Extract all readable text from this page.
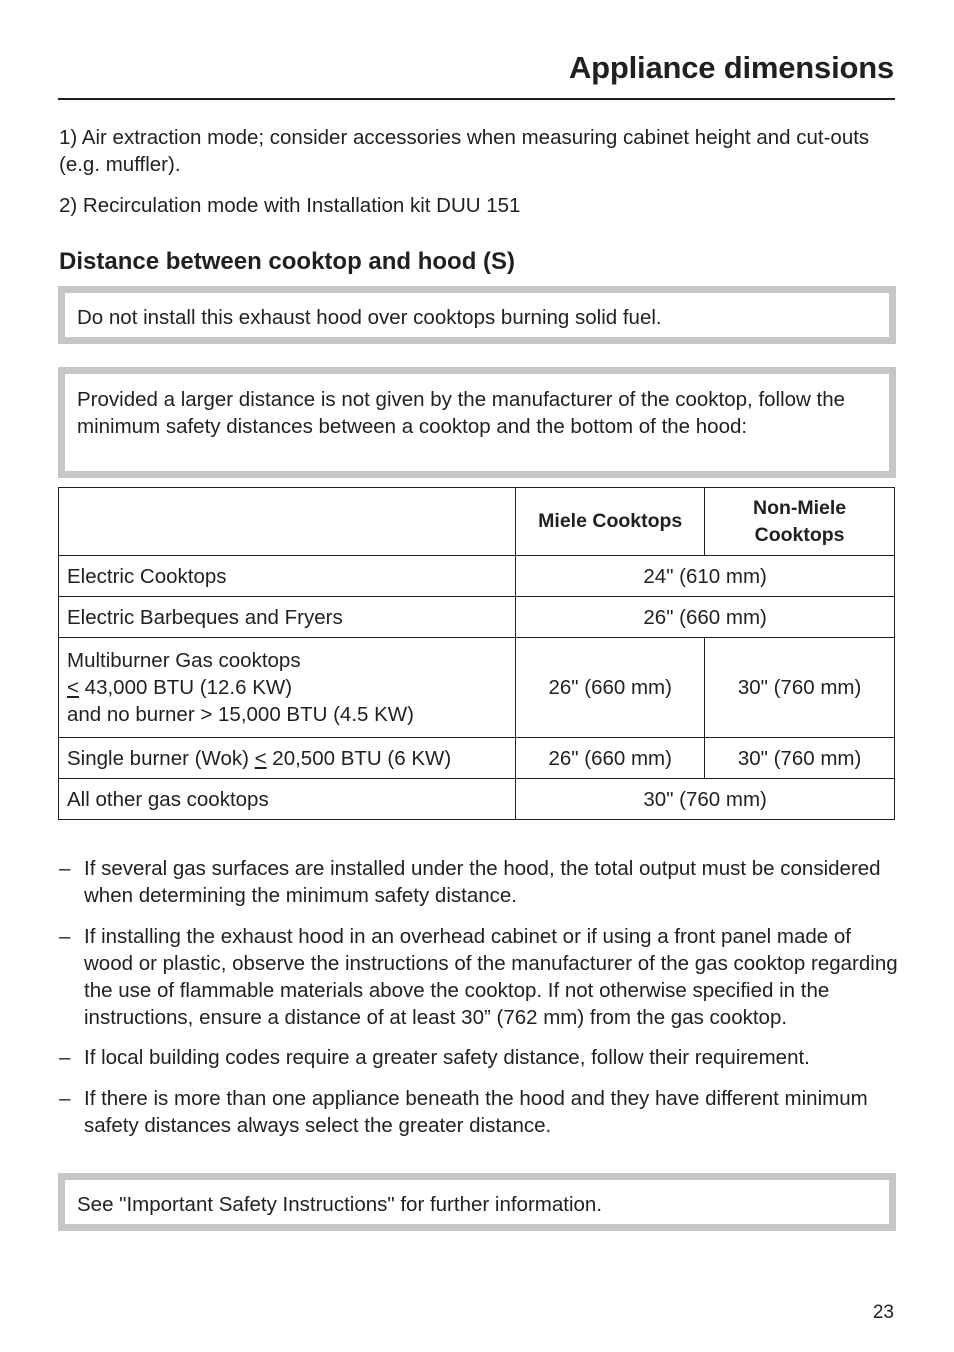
Appliance dimensions
1) Air extraction mode; consider accessories when measuring cabinet height and cut-outs (e.g. muffler).
2) Recirculation mode with Installation kit DUU 151
Distance between cooktop and hood (S)
Do not install this exhaust hood over cooktops burning solid fuel.
Provided a larger distance is not given by the manufacturer of the cooktop, follow the minimum safety distances between a cooktop and the bottom of the hood:
	Miele Cooktops	Non-Miele Cooktops
Electric Cooktops	24" (610 mm)	
Electric Barbeques and Fryers	26" (660 mm)	

Multiburner Gas cooktops
≤ 43,000 BTU (12.6 KW)
and no burner > 15,000 BTU (4.5 KW)	26" (660 mm)	30" (760 mm)
Single burner (Wok) ≤ 20,500 BTU (6 KW)	26" (660 mm)	30" (760 mm)
All other gas cooktops	30" (760 mm)	
– If several gas surfaces are installed under the hood, the total output must be considered when determining the minimum safety distance.
– If installing the exhaust hood in an overhead cabinet or if using a front panel made of wood or plastic, observe the instructions of the manufacturer of the gas cooktop regarding the use of flammable materials above the cooktop. If not otherwise specified in the instructions, ensure a distance of at least 30” (762 mm) from the gas cooktop.
– If local building codes require a greater safety distance, follow their requirement.
– If there is more than one appliance beneath the hood and they have different minimum safety distances always select the greater distance.
See "Important Safety Instructions" for further information.
23
